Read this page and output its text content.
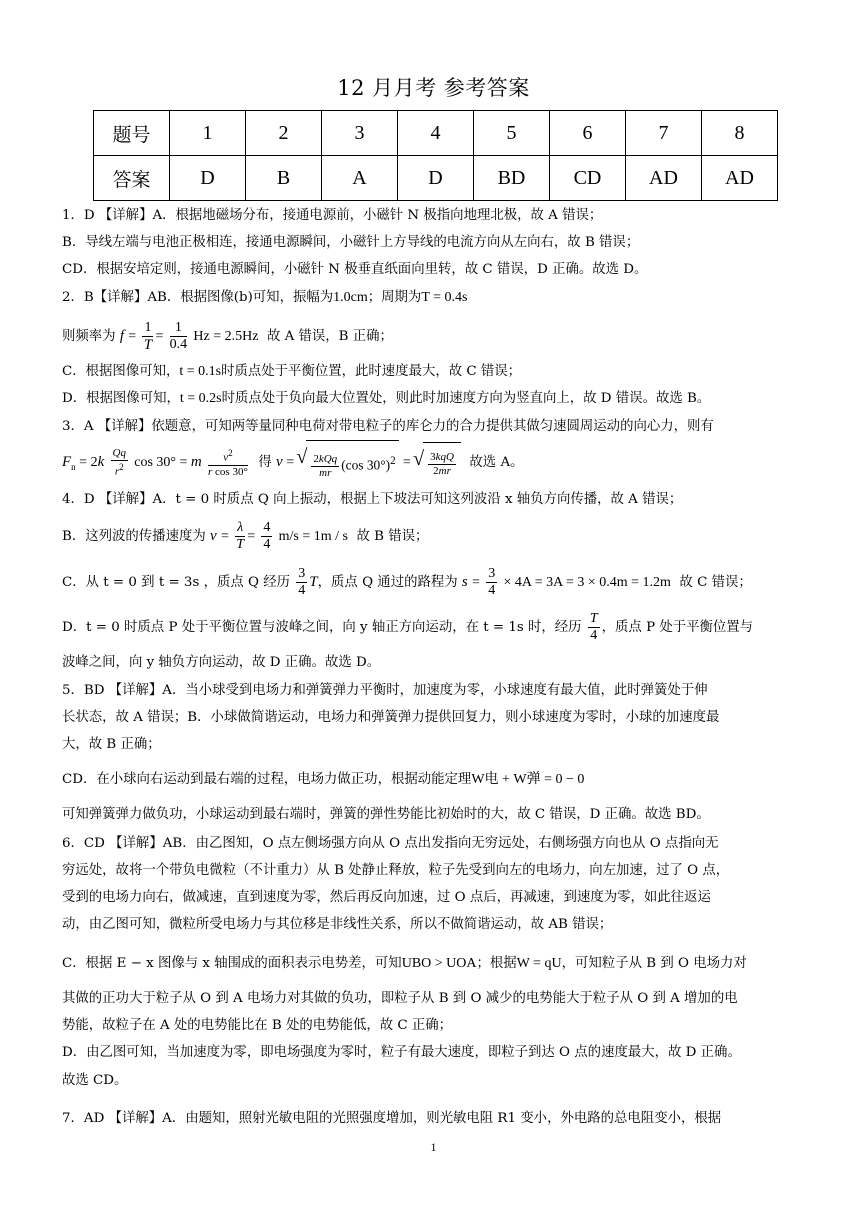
12 月月考 参考答案
题号	1	2	3	4	5	6	7	8
答案	D	B	A	D	BD	CD	AD	AD
1．D 【详解】A．根据地磁场分布，接通电源前，小磁针 N 极指向地理北极，故 A 错误；
B．导线左端与电池正极相连，接通电源瞬间，小磁针上方导线的电流方向从左向右，故 B 错误；
CD．根据安培定则，接通电源瞬间，小磁针 N 极垂直纸面向里转，故 C 错误，D 正确。故选 D。
2．B【详解】AB．根据图像(b)可知，振幅为1.0cm；周期为T = 0.4s
则频率为 $f = \frac{1}{T} = \frac{1}{0.4}$ Hz = 2.5Hz 故 A 错误，B 正确；
C．根据图像可知，t = 0.1s时质点处于平衡位置，此时速度最大，故 C 错误；
D．根据图像可知，t = 0.2s时质点处于负向最大位置处，则此时加速度方向为竖直向上，故 D 错误。故选 B。
3．A 【详解】依题意，可知两等量同种电荷对带电粒子的库仑力的合力提供其做匀速圆周运动的向心力，则有
$F_n = 2k \frac{Qq}{r^2}$ cos 30° = m $\frac{v^2}{\text{r cos 30°}}$ 得 v = √ $\frac{\text{2kQq}}{mr} (\cos$ 30°)$^2$ = √ $\frac{\text{3kqQ}}{2mr}$ 故选 A。
4．D 【详解】A．t = 0 时质点 Q 向上振动，根据上下坡法可知这列波沿 x 轴负方向传播，故 A 错误；
B．这列波的传播速度为 $v = \frac{\lambda}{T} = \frac{4}{4} m/s = 1m / s$ 故 B 错误；
C．从 t = 0 到 t = 3s ，质点 Q 经历 $\frac{3}{4}$ T，质点 Q 通过的路程为 $s = \frac{3}{4} \times 4A = 3A = 3 \times 0.4m = 1.2m$ 故 C 错误；
D．t = 0 时质点 P 处于平衡位置与波峰之间，向 y 轴正方向运动，在 t = 1s 时，经历 $\frac{T}{4}$ ，质点 P 处于平衡位置与
波峰之间，向 y 轴负方向运动，故 D 正确。故选 D。
5．BD 【详解】A．当小球受到电场力和弹簧弹力平衡时，加速度为零，小球速度有最大值，此时弹簧处于伸
长状态，故 A 错误；B．小球做简谐运动，电场力和弹簧弹力提供回复力，则小球速度为零时，小球的加速度最
大，故 B 正确；
CD．在小球向右运动到最右端的过程，电场力做正功，根据动能定理W电 + W弹 = 0 − 0
可知弹簧弹力做负功，小球运动到最右端时，弹簧的弹性势能比初始时的大，故 C 错误，D 正确。故选 BD。
6．CD 【详解】AB．由乙图知，O 点左侧场强方向从 O 点出发指向无穷远处，右侧场强方向也从 O 点指向无
穷远处，故将一个带负电微粒（不计重力）从 B 处静止释放，粒子先受到向左的电场力，向左加速，过了 O 点，
受到的电场力向右，做减速，直到速度为零，然后再反向加速，过 O 点后，再减速，到速度为零，如此往返运
动，由乙图可知，微粒所受电场力与其位移是非线性关系，所以不做简谐运动，故 AB 错误；
C．根据 E − x 图像与 x 轴围成的面积表示电势差，可知UBO > UOA；根据W = qU，可知粒子从 B 到 O 电场力对
其做的正功大于粒子从 O 到 A 电场力对其做的负功，即粒子从 B 到 O 减少的电势能大于粒子从 O 到 A 增加的电
势能，故粒子在 A 处的电势能比在 B 处的电势能低，故 C 正确；
D．由乙图可知，当加速度为零，即电场强度为零时，粒子有最大速度，即粒子到达 O 点的速度最大，故 D 正确。
故选 CD。
7．AD 【详解】A．由题知，照射光敏电阻的光照强度增加，则光敏电阻 R1 变小，外电路的总电阻变小，根据
1
